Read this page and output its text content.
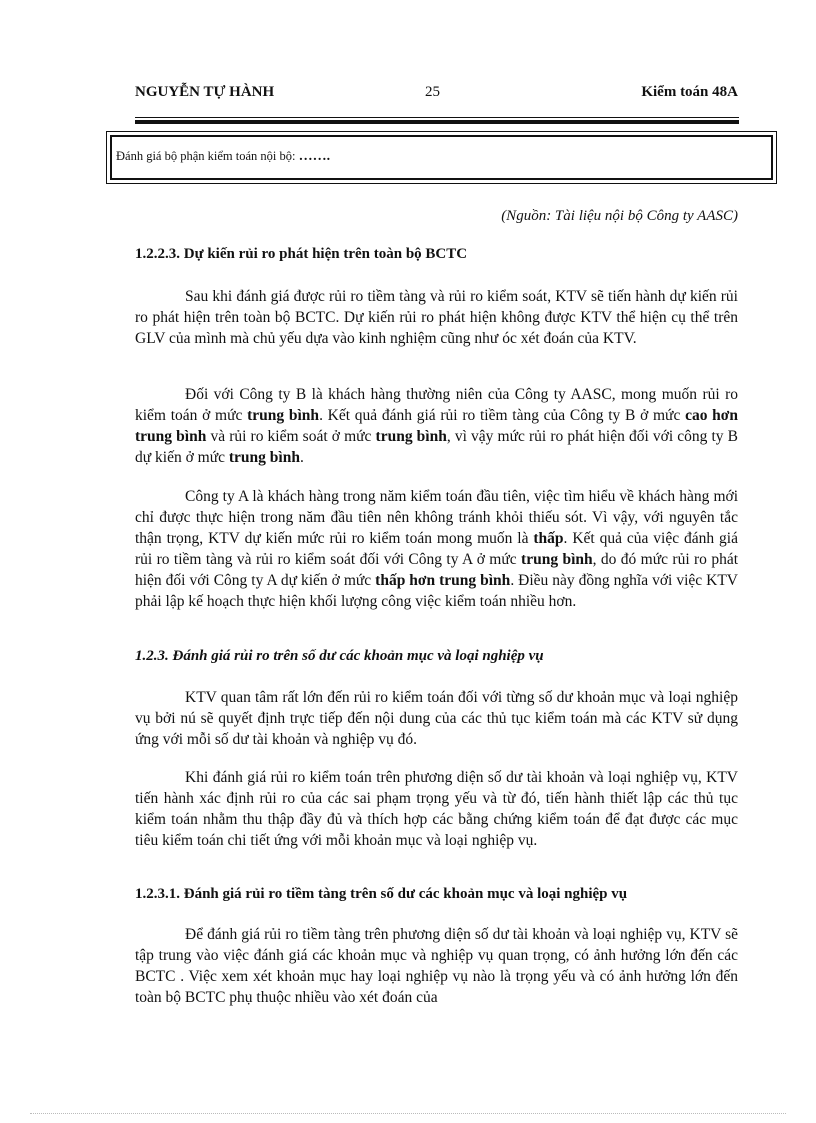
NGUYỄN TỰ HÀNH	25	Kiểm toán 48A
Đánh giá bộ phận kiểm toán nội bộ: …….
(Nguồn: Tài liệu nội bộ Công ty AASC)
1.2.2.3. Dự kiến rủi ro phát hiện trên toàn bộ BCTC
Sau khi đánh giá được rủi ro tiềm tàng và rủi ro kiểm soát, KTV sẽ tiến hành dự kiến rủi ro phát hiện trên toàn bộ BCTC. Dự kiến rủi ro phát hiện không được KTV thể hiện cụ thể trên GLV của mình mà chủ yếu dựa vào kinh nghiệm cũng như óc xét đoán của KTV.
Đối với Công ty B là khách hàng thường niên của Công ty AASC, mong muốn rủi ro kiểm toán ở mức trung bình. Kết quả đánh giá rủi ro tiềm tàng của Công ty B ở mức cao hơn trung bình và rủi ro kiểm soát ở mức trung bình, vì vậy mức rủi ro phát hiện đối với công ty B dự kiến ở mức trung bình.
Công ty A là khách hàng trong năm kiểm toán đầu tiên, việc tìm hiểu về khách hàng mới chỉ được thực hiện trong năm đầu tiên nên không tránh khỏi thiếu sót. Vì vậy, với nguyên tắc thận trọng, KTV dự kiến mức rủi ro kiểm toán mong muốn là thấp. Kết quả của việc đánh giá rủi ro tiềm tàng và rủi ro kiểm soát đối với Công ty A ở mức trung bình, do đó mức rủi ro phát hiện đối với Công ty A dự kiến ở mức thấp hơn trung bình. Điều này đồng nghĩa với việc KTV phải lập kế hoạch thực hiện khối lượng công việc kiểm toán nhiều hơn.
1.2.3. Đánh giá rủi ro trên số dư các khoản mục và loại nghiệp vụ
KTV quan tâm rất lớn đến rủi ro kiểm toán đối với từng số dư khoản mục và loại nghiệp vụ bởi nú sẽ quyết định trực tiếp đến nội dung của các thủ tục kiểm toán mà các KTV sử dụng ứng với mỗi số dư tài khoản và nghiệp vụ đó.
Khi đánh giá rủi ro kiểm toán trên phương diện số dư tài khoản và loại nghiệp vụ, KTV tiến hành xác định rủi ro của các sai phạm trọng yếu và từ đó, tiến hành thiết lập các thủ tục kiểm toán nhằm thu thập đầy đủ và thích hợp các bằng chứng kiểm toán để đạt được các mục tiêu kiểm toán chi tiết ứng với mỗi khoản mục và loại nghiệp vụ.
1.2.3.1. Đánh giá rủi ro tiềm tàng trên số dư các khoản mục và loại nghiệp vụ
Để đánh giá rủi ro tiềm tàng trên phương diện số dư tài khoản và loại nghiệp vụ, KTV sẽ tập trung vào việc đánh giá các khoản mục và nghiệp vụ quan trọng, có ảnh hưởng lớn đến các BCTC . Việc xem xét khoản mục hay loại nghiệp vụ nào là trọng yếu và có ảnh hưởng lớn đến toàn bộ BCTC phụ thuộc nhiều vào xét đoán của
